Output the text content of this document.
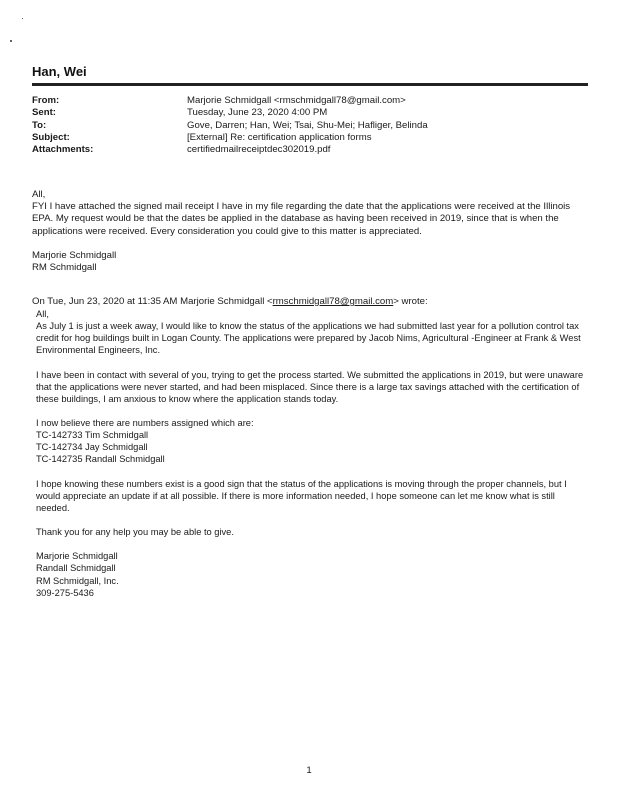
Han, Wei
From:	Marjorie Schmidgall <rmschmidgall78@gmail.com>
Sent:	Tuesday, June 23, 2020 4:00 PM
To:	Gove, Darren; Han, Wei; Tsai, Shu-Mei; Hafliger, Belinda
Subject:	[External] Re: certification application forms
Attachments:	certifiedmailreceiptdec302019.pdf

All,

FYI I have attached the signed mail receipt I have in my file regarding the date that the applications were received at the Illinois EPA. My request would be that the dates be applied in the database as having been received in 2019, since that is when the applications were received. Every consideration you could give to this matter is appreciated.

Marjorie Schmidgall

RM Schmidgall

On Tue, Jun 23, 2020 at 11:35 AM Marjorie Schmidgall <rmschmidgall78@gmail.com> wrote:

All,

As July 1 is just a week away, I would like to know the status of the applications we had submitted last year for a pollution control tax credit for hog buildings built in Logan County. The applications were prepared by Jacob Nims, Agricultural -Engineer at Frank & West Environmental Engineers, Inc.

I have been in contact with several of you, trying to get the process started. We submitted the applications in 2019, but were unaware that the applications were never started, and had been misplaced. Since there is a large tax savings attached with the certification of these buildings, I am anxious to know where the application stands today.

I now believe there are numbers assigned which are:

TC-142733 Tim Schmidgall

TC-142734 Jay Schmidgall

TC-142735 Randall Schmidgall

I hope knowing these numbers exist is a good sign that the status of the applications is moving through the proper channels, but I would appreciate an update if at all possible. If there is more information needed, I hope someone can let me know what is still needed.

Thank you for any help you may be able to give.

Marjorie Schmidgall

Randall Schmidgall

RM Schmidgall, Inc.

309-275-5436

1
